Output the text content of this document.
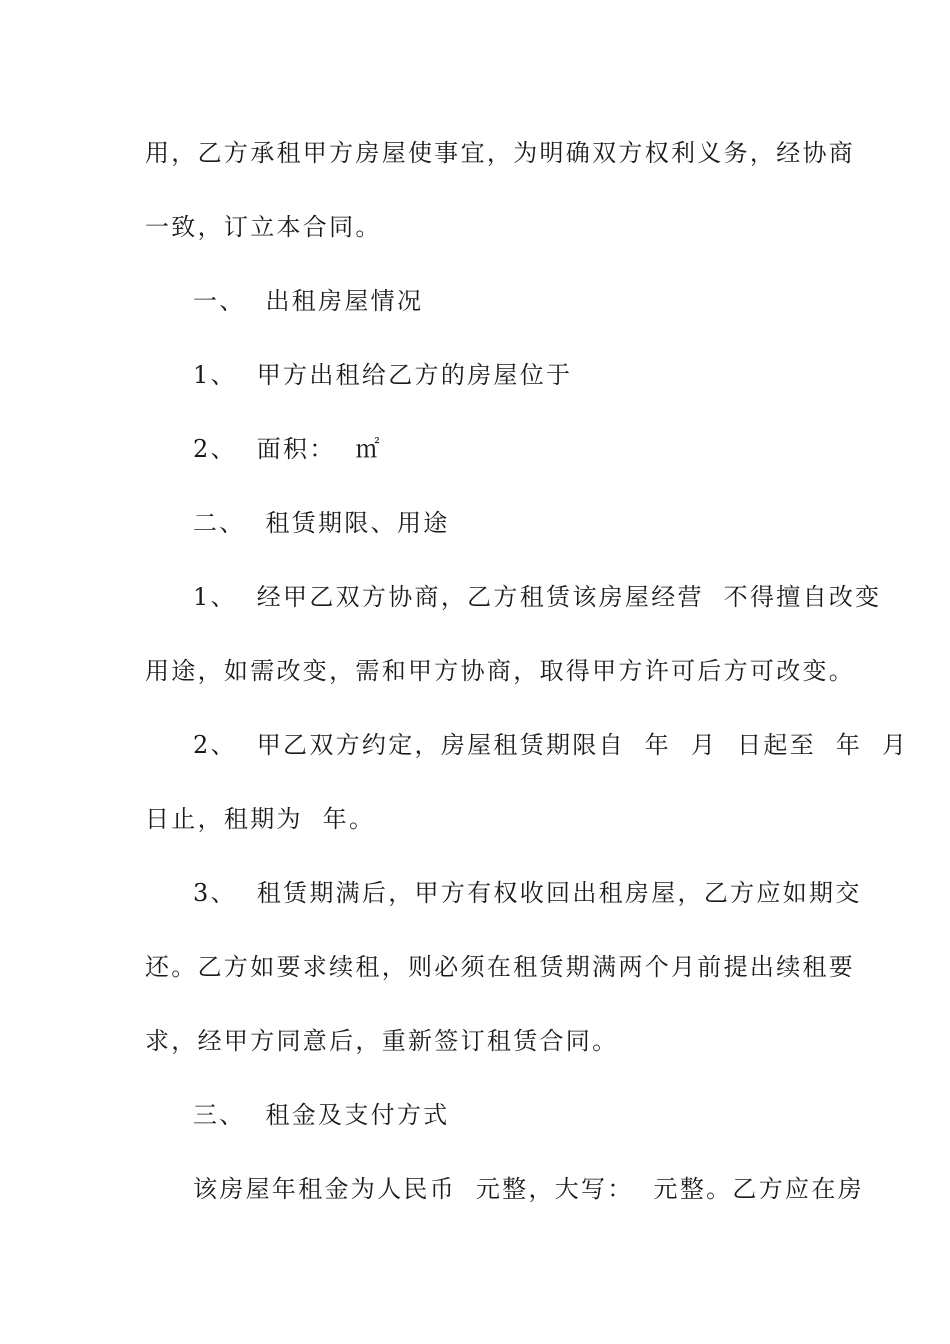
用，乙方承租甲方房屋使事宜，为明确双方权利义务，经协商
一致，订立本合同。
一、  出租房屋情况
1、  甲方出租给乙方的房屋位于
2、  面积：  ㎡
二、  租赁期限、用途
1、  经甲乙双方协商，乙方租赁该房屋经营  不得擅自改变
用途，如需改变，需和甲方协商，取得甲方许可后方可改变。
2、  甲乙双方约定，房屋租赁期限自  年  月  日起至  年  月
日止，租期为  年。
3、  租赁期满后，甲方有权收回出租房屋，乙方应如期交
还。乙方如要求续租，则必须在租赁期满两个月前提出续租要
求，经甲方同意后，重新签订租赁合同。
三、  租金及支付方式
该房屋年租金为人民币  元整，大写：  元整。乙方应在房
